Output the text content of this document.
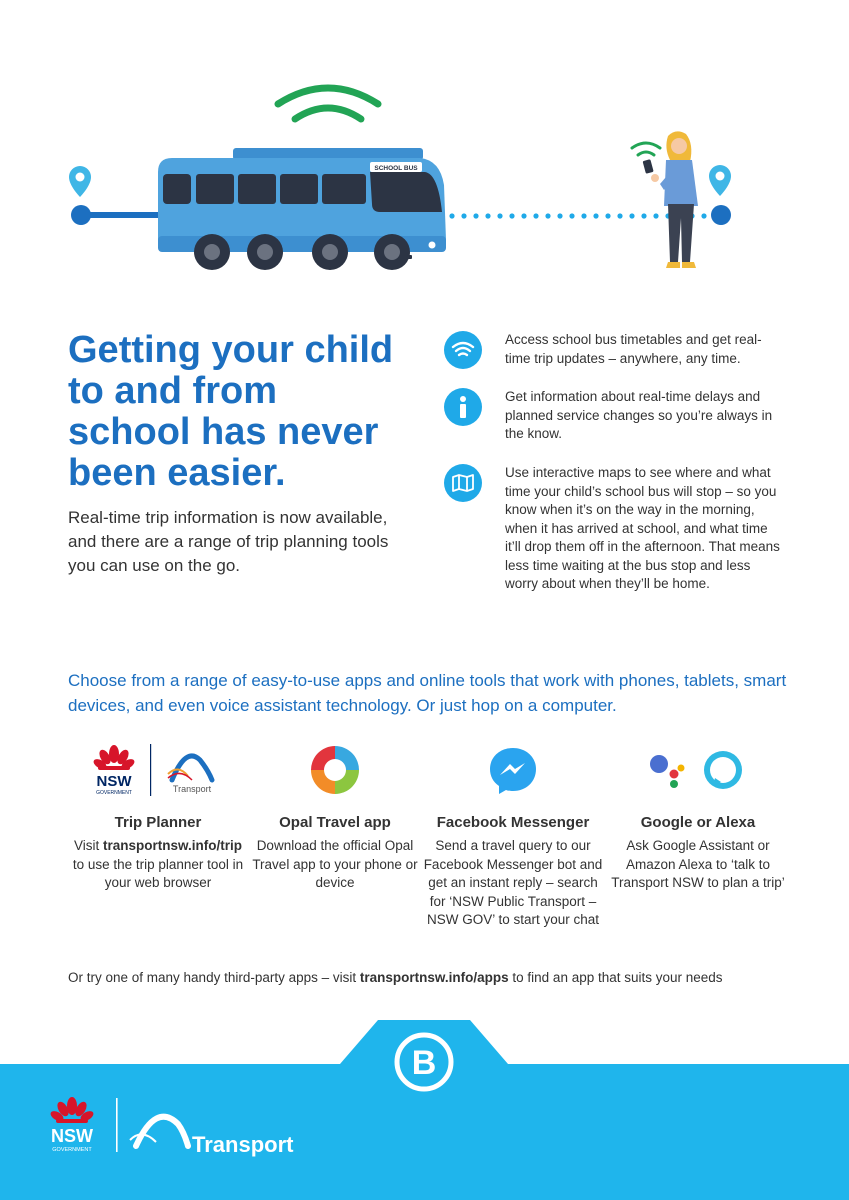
SCHOOL BUS
Getting your child to and from school has never been easier.

Real-time trip information is now available, and there are a range of trip planning tools you can use on the go.

Access school bus timetables and get real-time trip updates – anywhere, any time.

Get information about real-time delays and planned service changes so you’re always in the know.

Use interactive maps to see where and what time your child’s school bus will stop – so you know when it’s on the way in the morning, when it has arrived at school, and what time it’ll drop them off in the afternoon. That means less time waiting at the bus stop and less worry about when they’ll be home.

Choose from a range of easy-to-use apps and online tools that work with phones, tablets, smart devices, and even voice assistant technology. Or just hop on a computer.

NSW
GOVERNMENT	Transport
Trip Planner
Visit transportnsw.info/trip to use the trip planner tool in your web browser
Opal Travel app
Download the official Opal Travel app to your phone or device
Facebook Messenger
Send a travel query to our Facebook Messenger bot and get an instant reply – search for ‘NSW Public Transport – NSW GOV’ to start your chat
Google or Alexa
Ask Google Assistant or Amazon Alexa to ‘talk to Transport NSW to plan a trip’

Or try one of many handy third-party apps – visit transportnsw.info/apps to find an app that suits your needs

B
NSW
GOVERNMENT	Transport
